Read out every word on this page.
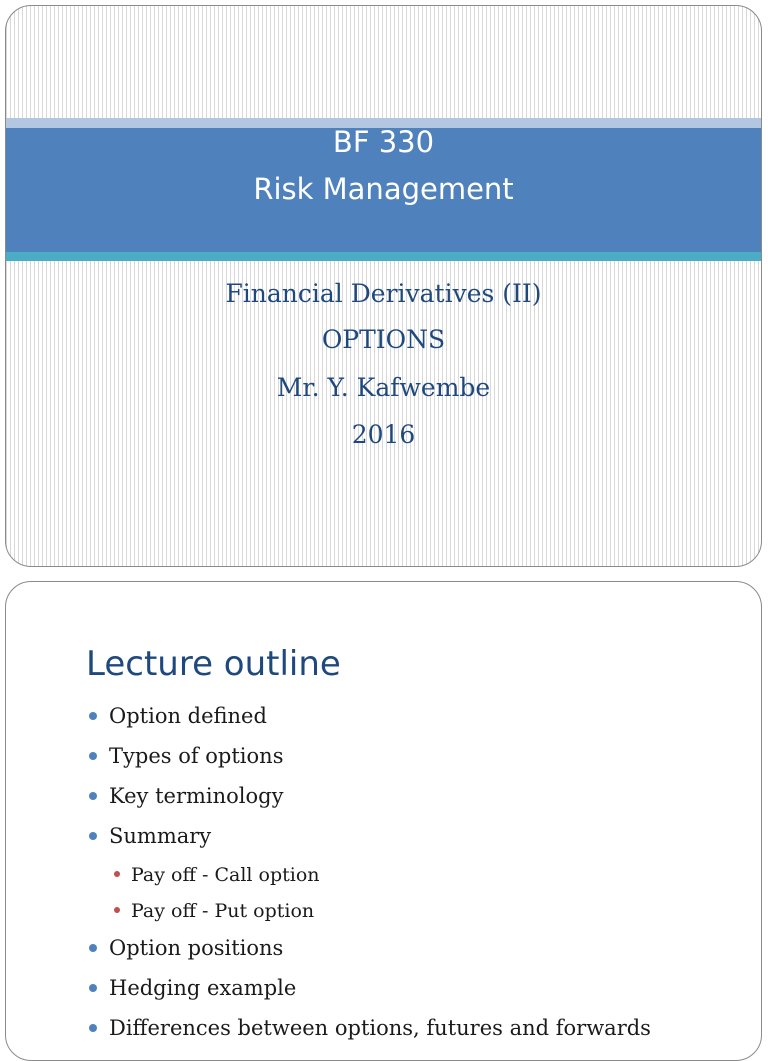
BF 330
Risk Management
Financial Derivatives (II)
OPTIONS
Mr. Y. Kafwembe
2016
Lecture outline
Option defined
Types of options
Key terminology
Summary
Pay off - Call option
Pay off - Put option
Option positions
Hedging example
Differences between options, futures and forwards
